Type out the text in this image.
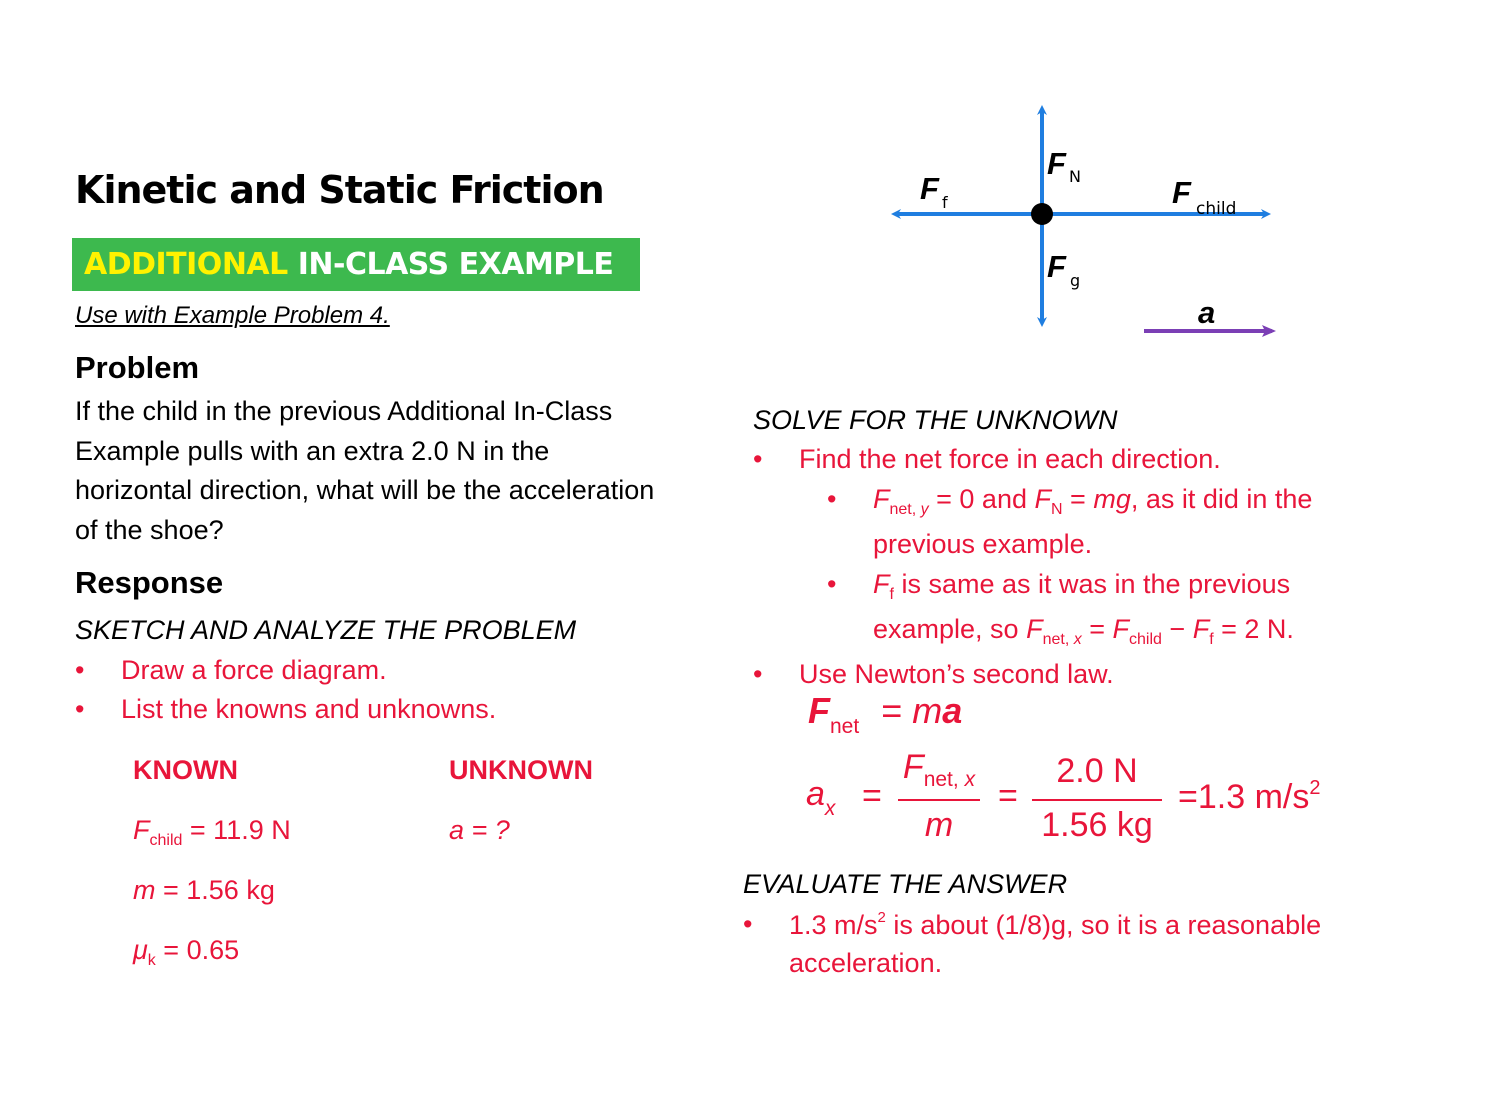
Kinetic and Static Friction
ADDITIONAL IN-CLASS EXAMPLE
Use with Example Problem 4.
Problem
If the child in the previous Additional In-Class
Example pulls with an extra 2.0 N in the
horizontal direction, what will be the acceleration
of the shoe?
Response
SKETCH AND ANALYZE THE PROBLEM
• Draw a force diagram.
• List the knowns and unknowns.
KNOWN	UNKNOWN
$F_{child} = 11.9$ N	a = ?
m = 1.56 kg
$\mu_k = 0.65$
F N
F f	F child
F g
a
SOLVE FOR THE UNKNOWN
• Find the net force in each direction.
• $F_{net, y} = 0$ and $F_N$ = mg, as it did in the
previous example.
• $F_f$ is same as it was in the previous
example, so $F_{net, x} = F_{child} - F_f = 2$ N.
• Use Newton’s second law.
$F_{net}$ = ma
$a_x$ =
$F_{net, x}$
m
=
2.0 N
1.56 kg
=1.3 $m/s^2$
EVALUATE THE ANSWER
• 1.3 $m/s^2$ is about (1/8)g, so it is a reasonable
acceleration.
